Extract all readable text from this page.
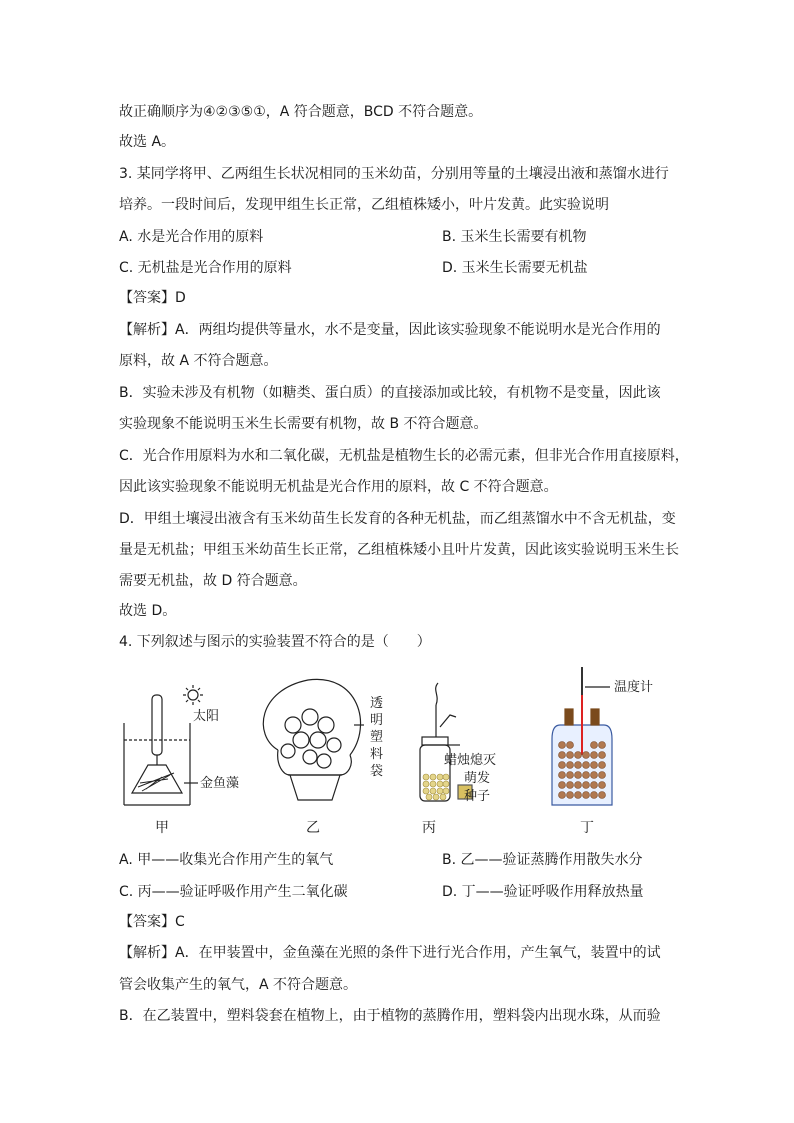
故正确顺序为④②③⑤①，A 符合题意，BCD 不符合题意。
故选 A。
3. 某同学将甲、乙两组生长状况相同的玉米幼苗，分别用等量的土壤浸出液和蒸馏水进行
培养。一段时间后，发现甲组生长正常，乙组植株矮小，叶片发黄。此实验说明
A. 水是光合作用的原料	B. 玉米生长需要有机物
C. 无机盐是光合作用的原料	D. 玉米生长需要无机盐
【答案】D
【解析】A．两组均提供等量水，水不是变量，因此该实验现象不能说明水是光合作用的
原料，故 A 不符合题意。
B．实验未涉及有机物（如糖类、蛋白质）的直接添加或比较，有机物不是变量，因此该
实验现象不能说明玉米生长需要有机物，故 B 不符合题意。
C．光合作用原料为水和二氧化碳，无机盐是植物生长的必需元素，但非光合作用直接原料，
因此该实验现象不能说明无机盐是光合作用的原料，故 C 不符合题意。
D．甲组土壤浸出液含有玉米幼苗生长发育的各种无机盐，而乙组蒸馏水中不含无机盐，变
量是无机盐；甲组玉米幼苗生长正常，乙组植株矮小且叶片发黄，因此该实验说明玉米生长
需要无机盐，故 D 符合题意。
故选 D。
4. 下列叙述与图示的实验装置不符合的是（　　）
太阳
金鱼藻
透明塑料袋
蜡烛熄灭
萌发
种子
温度计
甲	乙	丙	丁
A. 甲——收集光合作用产生的氧气	B. 乙——验证蒸腾作用散失水分
C. 丙——验证呼吸作用产生二氧化碳	D. 丁——验证呼吸作用释放热量
【答案】C
【解析】A．在甲装置中，金鱼藻在光照的条件下进行光合作用，产生氧气，装置中的试
管会收集产生的氧气，A 不符合题意。
B．在乙装置中，塑料袋套在植物上，由于植物的蒸腾作用，塑料袋内出现水珠，从而验
